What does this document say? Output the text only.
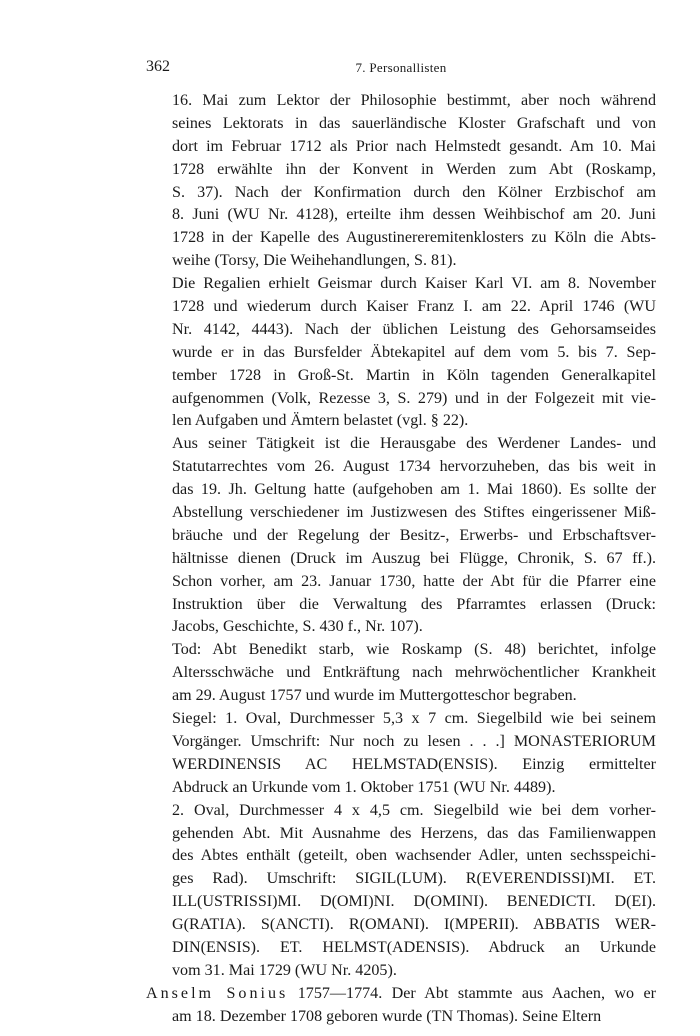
362	7. Personallisten
16. Mai zum Lektor der Philosophie bestimmt, aber noch während
seines Lektorats in das sauerländische Kloster Grafschaft und von
dort im Februar 1712 als Prior nach Helmstedt gesandt. Am 10. Mai
1728 erwählte ihn der Konvent in Werden zum Abt (Roskamp,
S. 37). Nach der Konfirmation durch den Kölner Erzbischof am
8. Juni (WU Nr. 4128), erteilte ihm dessen Weihbischof am 20. Juni
1728 in der Kapelle des Augustinereremitenklosters zu Köln die Abts-
weihe (Torsy, Die Weihehandlungen, S. 81).
Die Regalien erhielt Geismar durch Kaiser Karl VI. am 8. November
1728 und wiederum durch Kaiser Franz I. am 22. April 1746 (WU
Nr. 4142, 4443). Nach der üblichen Leistung des Gehorsamseides
wurde er in das Bursfelder Äbtekapitel auf dem vom 5. bis 7. Sep-
tember 1728 in Groß-St. Martin in Köln tagenden Generalkapitel
aufgenommen (Volk, Rezesse 3, S. 279) und in der Folgezeit mit vie-
len Aufgaben und Ämtern belastet (vgl. § 22).
Aus seiner Tätigkeit ist die Herausgabe des Werdener Landes- und
Statutarrechtes vom 26. August 1734 hervorzuheben, das bis weit in
das 19. Jh. Geltung hatte (aufgehoben am 1. Mai 1860). Es sollte der
Abstellung verschiedener im Justizwesen des Stiftes eingerissener Miß-
bräuche und der Regelung der Besitz-, Erwerbs- und Erbschaftsver-
hältnisse dienen (Druck im Auszug bei Flügge, Chronik, S. 67 ff.).
Schon vorher, am 23. Januar 1730, hatte der Abt für die Pfarrer eine
Instruktion über die Verwaltung des Pfarramtes erlassen (Druck:
Jacobs, Geschichte, S. 430 f., Nr. 107).
Tod: Abt Benedikt starb, wie Roskamp (S. 48) berichtet, infolge
Altersschwäche und Entkräftung nach mehrwöchentlicher Krankheit
am 29. August 1757 und wurde im Muttergotteschor begraben.
Siegel: 1. Oval, Durchmesser 5,3 x 7 cm. Siegelbild wie bei seinem
Vorgänger. Umschrift: Nur noch zu lesen . . .] MONASTERIORUM
WERDINENSIS AC HELMSTAD(ENSIS). Einzig ermittelter
Abdruck an Urkunde vom 1. Oktober 1751 (WU Nr. 4489).
2. Oval, Durchmesser 4 x 4,5 cm. Siegelbild wie bei dem vorher-
gehenden Abt. Mit Ausnahme des Herzens, das das Familienwappen
des Abtes enthält (geteilt, oben wachsender Adler, unten sechsspeichi-
ges Rad). Umschrift: SIGIL(LUM). R(EVERENDISSI)MI. ET.
ILL(USTRISSI)MI. D(OMI)NI. D(OMINI). BENEDICTI. D(EI).
G(RATIA). S(ANCTI). R(OMANI). I(MPERII). ABBATIS WER-
DIN(ENSIS). ET. HELMST(ADENSIS). Abdruck an Urkunde
vom 31. Mai 1729 (WU Nr. 4205).
Anselm Sonius 1757—1774. Der Abt stammte aus Aachen, wo er
am 18. Dezember 1708 geboren wurde (TN Thomas). Seine Eltern
